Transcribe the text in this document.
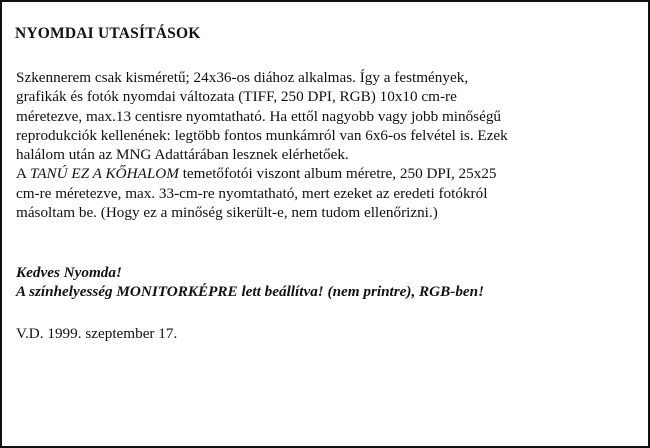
NYOMDAI UTASÍTÁSOK
Szkennerem csak kisméretű; 24x36-os diához alkalmas. Így a festmények,
grafikák és fotók nyomdai változata (TIFF, 250 DPI, RGB) 10x10 cm-re
méretezve, max.13 centisre nyomtatható. Ha ettől nagyobb vagy jobb minőségű
reprodukciók kellenének: legtöbb fontos munkámról van 6x6-os felvétel is. Ezek
halálom után az MNG Adattárában lesznek elérhetőek.
A TANÚ EZ A KŐHALOM temetőfotói viszont album méretre, 250 DPI, 25x25
cm-re méretezve, max. 33-cm-re nyomtatható, mert ezeket az eredeti fotókról
másoltam be. (Hogy ez a minőség sikerült-e, nem tudom ellenőrizni.)
Kedves Nyomda!
A színhelyesség MONITORKÉPRE lett beállítva! (nem printre), RGB-ben!
V.D. 1999. szeptember 17.
